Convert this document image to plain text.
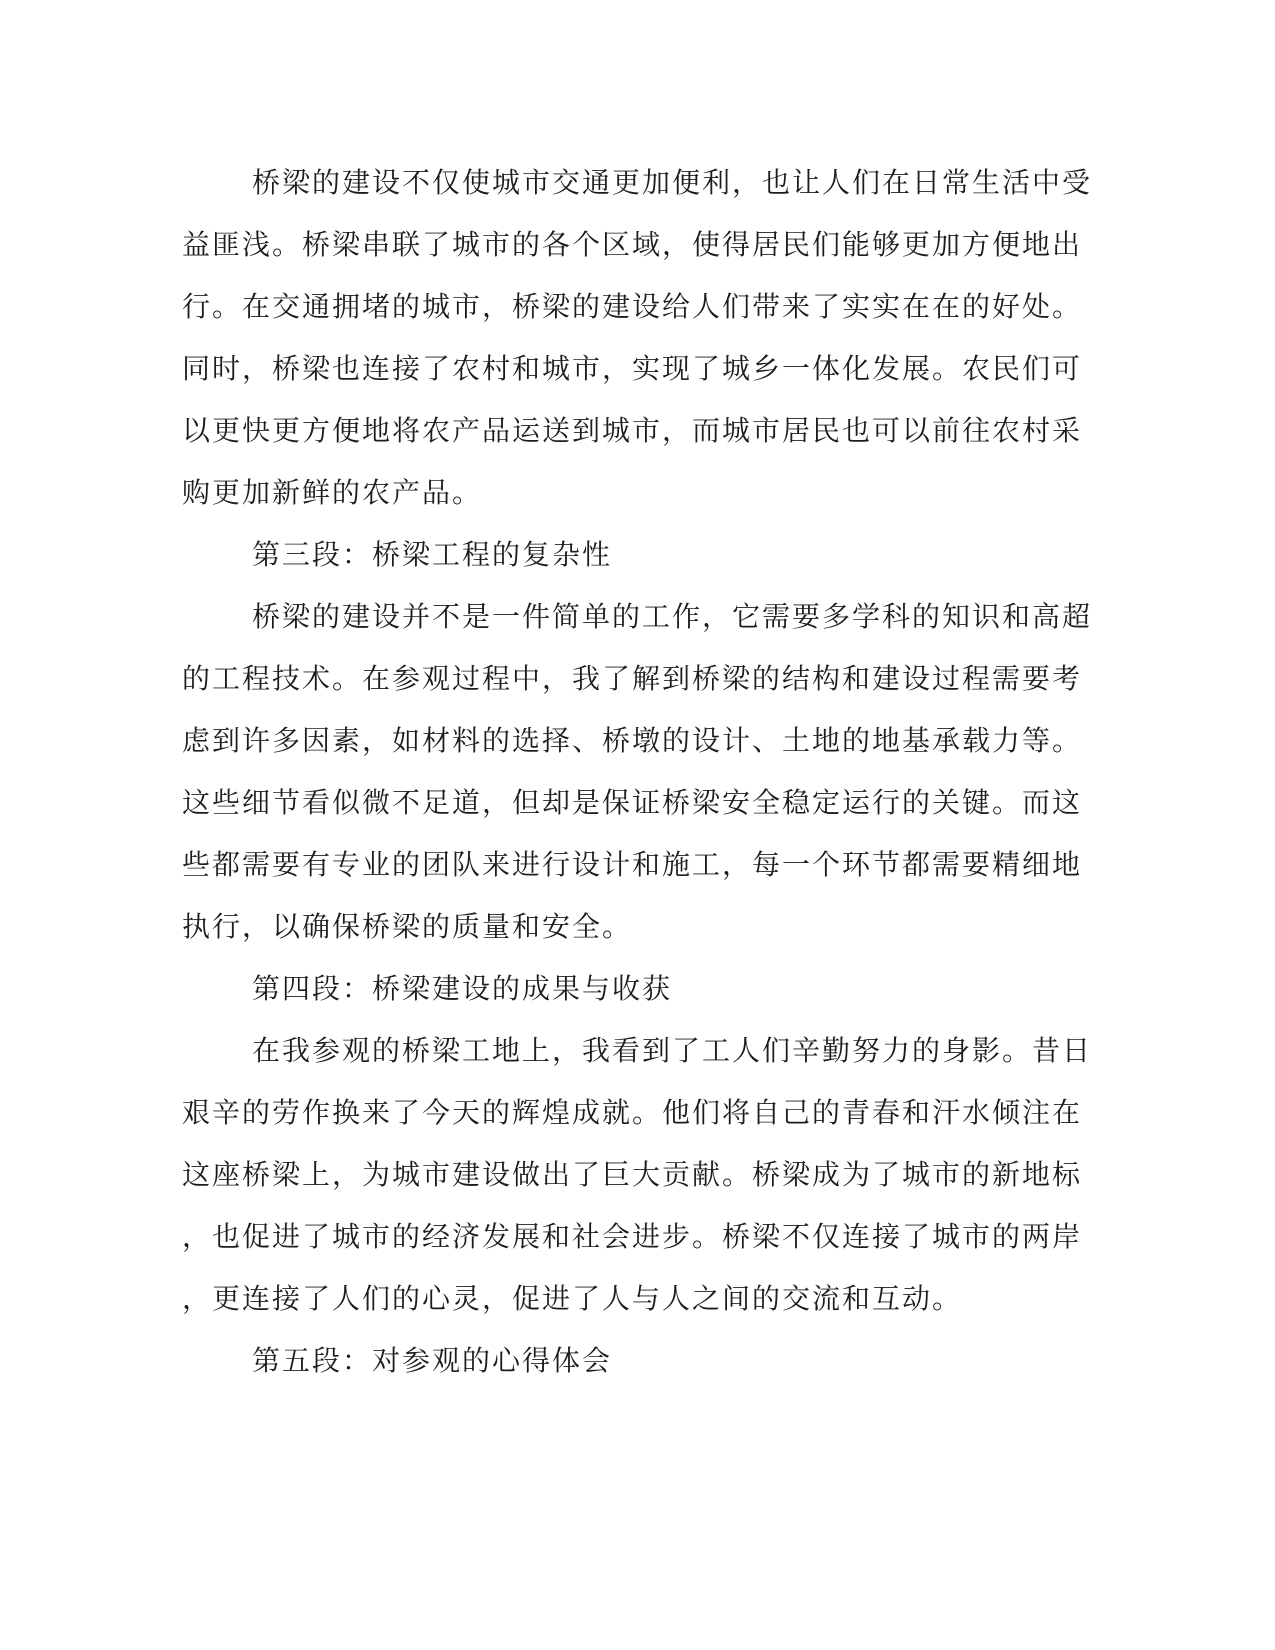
桥梁的建设不仅使城市交通更加便利，也让人们在日常生活中受
益匪浅。桥梁串联了城市的各个区域，使得居民们能够更加方便地出
行。在交通拥堵的城市，桥梁的建设给人们带来了实实在在的好处。
同时，桥梁也连接了农村和城市，实现了城乡一体化发展。农民们可
以更快更方便地将农产品运送到城市，而城市居民也可以前往农村采
购更加新鲜的农产品。
第三段：桥梁工程的复杂性
桥梁的建设并不是一件简单的工作，它需要多学科的知识和高超
的工程技术。在参观过程中，我了解到桥梁的结构和建设过程需要考
虑到许多因素，如材料的选择、桥墩的设计、土地的地基承载力等。
这些细节看似微不足道，但却是保证桥梁安全稳定运行的关键。而这
些都需要有专业的团队来进行设计和施工，每一个环节都需要精细地
执行，以确保桥梁的质量和安全。
第四段：桥梁建设的成果与收获
在我参观的桥梁工地上，我看到了工人们辛勤努力的身影。昔日
艰辛的劳作换来了今天的辉煌成就。他们将自己的青春和汗水倾注在
这座桥梁上，为城市建设做出了巨大贡献。桥梁成为了城市的新地标
，也促进了城市的经济发展和社会进步。桥梁不仅连接了城市的两岸
，更连接了人们的心灵，促进了人与人之间的交流和互动。
第五段：对参观的心得体会
